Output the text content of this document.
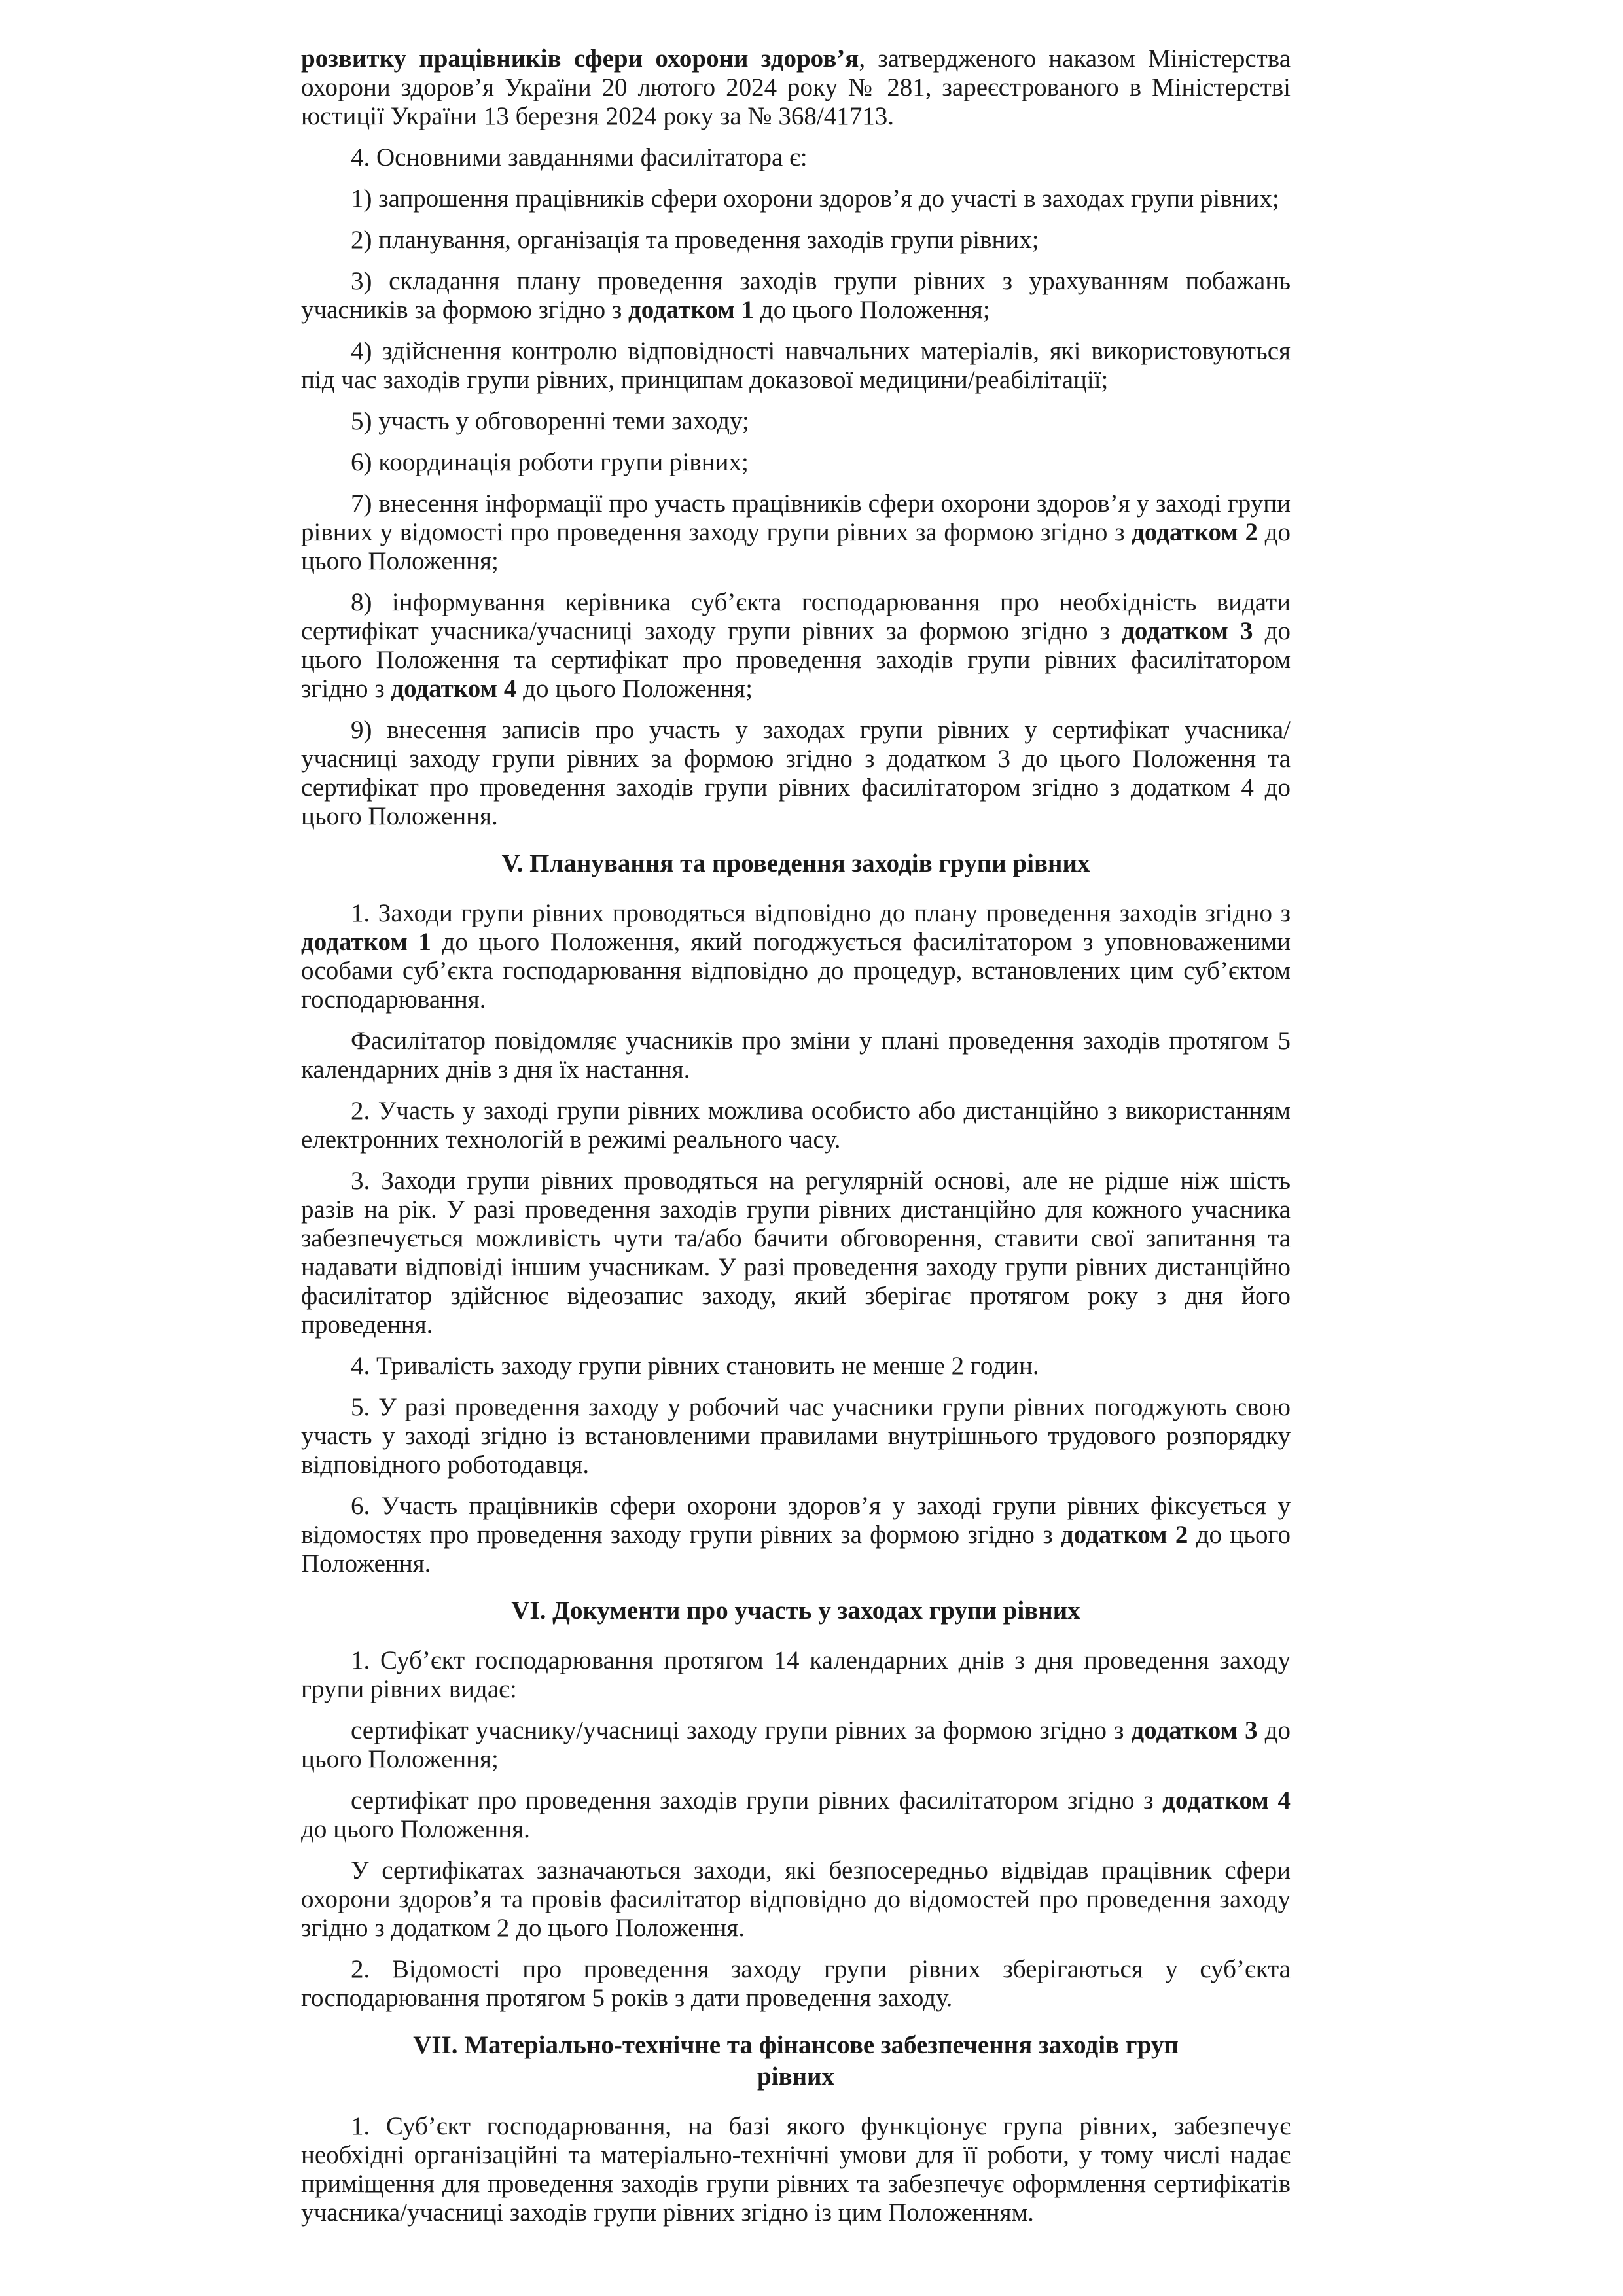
розвитку працівників сфери охорони здоров’я, затвердженого наказом Міністерства охорони здоров’я України 20 лютого 2024 року № 281, зареєстрованого в Міністерстві юстиції України 13 березня 2024 року за № 368/41713.

4. Основними завданнями фасилітатора є:

1) запрошення працівників сфери охорони здоров’я до участі в заходах групи рівних;

2) планування, організація та проведення заходів групи рівних;

3) складання плану проведення заходів групи рівних з урахуванням побажань учасників за формою згідно з додатком 1 до цього Положення;

4) здійснення контролю відповідності навчальних матеріалів, які використовуються під час заходів групи рівних, принципам доказової медицини/реабілітації;

5) участь у обговоренні теми заходу;

6) координація роботи групи рівних;

7) внесення інформації про участь працівників сфери охорони здоров’я у заході групи рівних у відомості про проведення заходу групи рівних за формою згідно з додатком 2 до цього Положення;

8) інформування керівника суб’єкта господарювання про необхідність видати сертифікат учасника/учасниці заходу групи рівних за формою згідно з додатком 3 до цього Положення та сертифікат про проведення заходів групи рівних фасилітатором згідно з додатком 4 до цього Положення;

9) внесення записів про участь у заходах групи рівних у сертифікат учасника/учасниці заходу групи рівних за формою згідно з додатком 3 до цього Положення та сертифікат про проведення заходів групи рівних фасилітатором згідно з додатком 4 до цього Положення.

V. Планування та проведення заходів групи рівних

1. Заходи групи рівних проводяться відповідно до плану проведення заходів згідно з додатком 1 до цього Положення, який погоджується фасилітатором з уповноваженими особами суб’єкта господарювання відповідно до процедур, встановлених цим суб’єктом господарювання.

Фасилітатор повідомляє учасників про зміни у плані проведення заходів протягом 5 календарних днів з дня їх настання.

2. Участь у заході групи рівних можлива особисто або дистанційно з використанням електронних технологій в режимі реального часу.

3. Заходи групи рівних проводяться на регулярній основі, але не рідше ніж шість разів на рік. У разі проведення заходів групи рівних дистанційно для кожного учасника забезпечується можливість чути та/або бачити обговорення, ставити свої запитання та надавати відповіді іншим учасникам. У разі проведення заходу групи рівних дистанційно фасилітатор здійснює відеозапис заходу, який зберігає протягом року з дня його проведення.

4. Тривалість заходу групи рівних становить не менше 2 годин.

5. У разі проведення заходу у робочий час учасники групи рівних погоджують свою участь у заході згідно із встановленими правилами внутрішнього трудового розпорядку відповідного роботодавця.

6. Участь працівників сфери охорони здоров’я у заході групи рівних фіксується у відомостях про проведення заходу групи рівних за формою згідно з додатком 2 до цього Положення.

VI. Документи про участь у заходах групи рівних

1. Суб’єкт господарювання протягом 14 календарних днів з дня проведення заходу групи рівних видає:

сертифікат учаснику/учасниці заходу групи рівних за формою згідно з додатком 3 до цього Положення;

сертифікат про проведення заходів групи рівних фасилітатором згідно з додатком 4 до цього Положення.

У сертифікатах зазначаються заходи, які безпосередньо відвідав працівник сфери охорони здоров’я та провів фасилітатор відповідно до відомостей про проведення заходу згідно з додатком 2 до цього Положення.

2. Відомості про проведення заходу групи рівних зберігаються у суб’єкта господарювання протягом 5 років з дати проведення заходу.

VII. Матеріально-технічне та фінансове забезпечення заходів груп
рівних

1. Суб’єкт господарювання, на базі якого функціонує група рівних, забезпечує необхідні організаційні та матеріально-технічні умови для її роботи, у тому числі надає приміщення для проведення заходів групи рівних та забезпечує оформлення сертифікатів учасника/учасниці заходів групи рівних згідно із цим Положенням.
